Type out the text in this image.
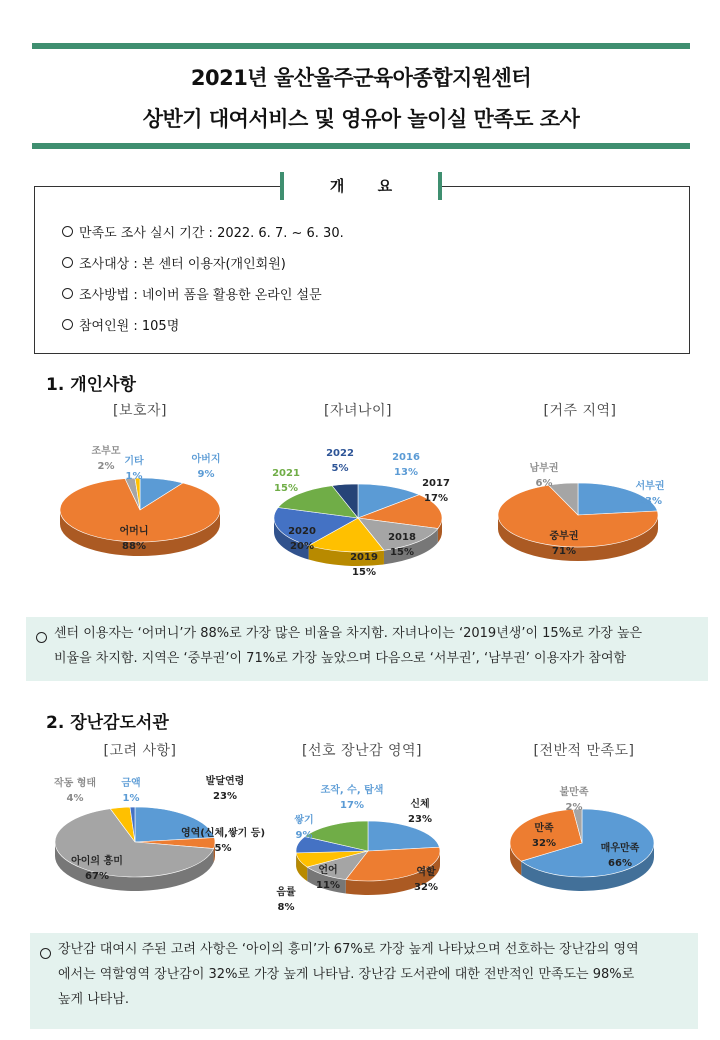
2021년 울산울주군육아종합지원센터
상반기 대여서비스 및 영유아 놀이실 만족도 조사
개 요
만족도 조사 실시 기간 : 2022. 6. 7. ~ 6. 30.
조사대상 : 본 센터 이용자(개인회원)
조사방법 : 네이버 폼을 활용한 온라인 설문
참여인원 : 105명
1. 개인사항
[보호자]	[자녀나이]	[거주 지역]
아버지
9%
어머니
88%
조부모
2% 기타
1%
2016
13%
2017
17%
2018
15%
2019
15%
2020
20%
2021
15%
2022
5%
서부권
23%
중부권
71%
남부권
6%
센터 이용자는 ‘어머니’가 88%로 가장 많은 비율을 차지함. 자녀나이는 ‘2019년생’이 15%로 가장 높은
비율을 차지함. 지역은 ‘중부권’이 71%로 가장 높았으며 다음으로 ‘서부권’, ‘남부권’ 이용자가 참여함
2. 장난감도서관
[고려 사항]	[선호 장난감 영역]	[전반적 만족도]
발달연령
23%
영역(신체,쌓기 등)
5%
아이의 흥미
67%
작동 형태
4%
금액
1%
신체
23%
역할
32%
언어
11%
음률
8%
쌓기
9%
조작, 수, 탐색
17%
매우만족
66%
만족
32%
불만족
2%
장난감 대여시 주된 고려 사항은 ‘아이의 흥미’가 67%로 가장 높게 나타났으며 선호하는 장난감의 영역
에서는 역할영역 장난감이 32%로 가장 높게 나타남. 장난감 도서관에 대한 전반적인 만족도는 98%로
높게 나타남.
